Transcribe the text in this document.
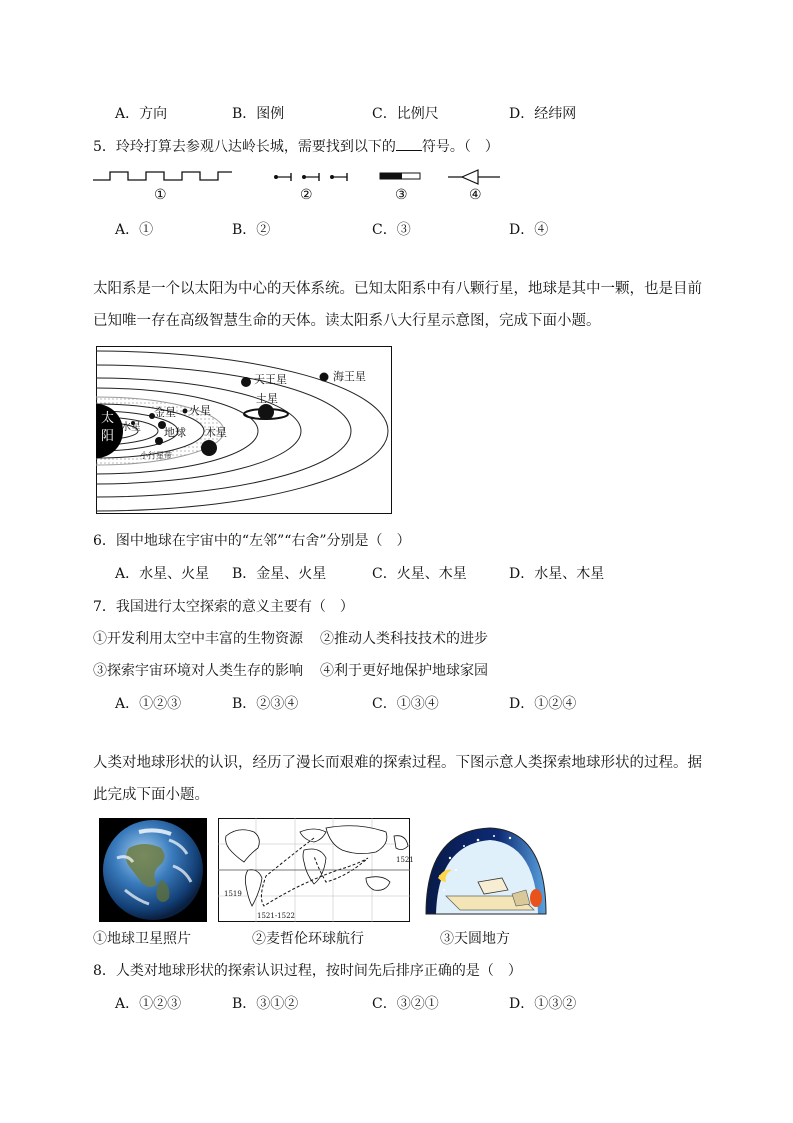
A．方向	B．图例	C．比例尺	D．经纬网
5．玲玲打算去参观八达岭长城，需要找到以下的 符号。（　）
①	②	③	④
A．①	B．②	C．③	D．④
太阳系是一个以太阳为中心的天体系统。已知太阳系中有八颗行星，地球是其中一颗，也是目前已知唯一存在高级智慧生命的天体。读太阳系八大行星示意图，完成下面小题。
太
阳
水星
金星
地球
火星
木星
土星
天王星	海王星
小行星带
6．图中地球在宇宙中的“左邻”“右舍”分别是（　）
A．水星、火星 B．金星、火星	C．火星、木星	D．水星、木星
7．我国进行太空探索的意义主要有（　）
①开发利用太空中丰富的生物资源 ②推动人类科技技术的进步
③探索宇宙环境对人类生存的影响 ④利于更好地保护地球家园
A．①②③	B．②③④	C．①③④	D．①②④
人类对地球形状的认识，经历了漫长而艰难的探索过程。下图示意人类探索地球形状的过程。据此完成下面小题。
1519
1521-1522
1521
①地球卫星照片	②麦哲伦环球航行	③天圆地方
8．人类对地球形状的探索认识过程，按时间先后排序正确的是（　）
A．①②③	B．③①②	C．③②①	D．①③②
